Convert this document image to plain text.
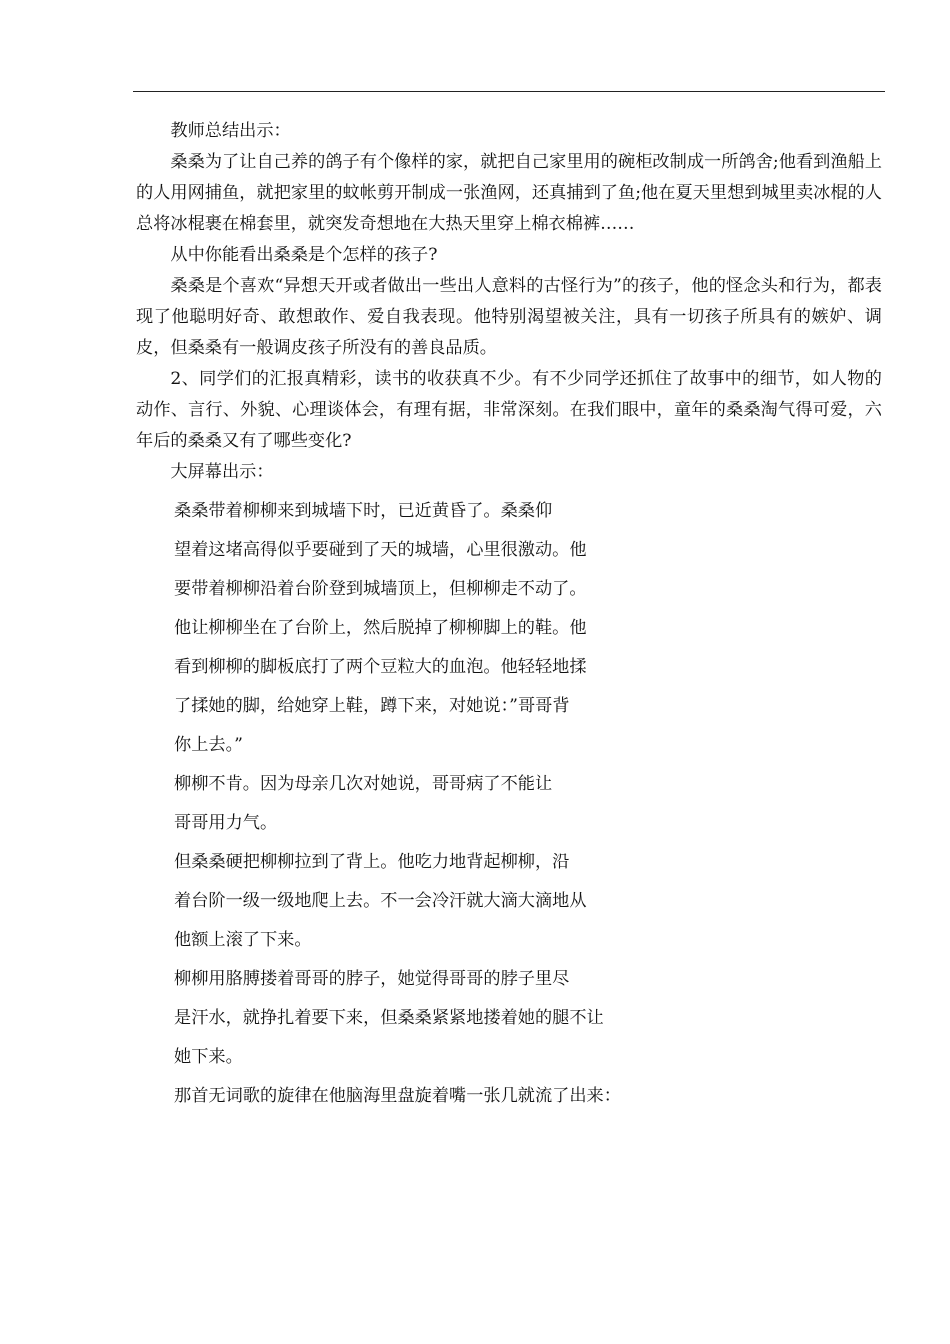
教师总结出示：

桑桑为了让自己养的鸽子有个像样的家，就把自己家里用的碗柜改制成一所鸽舍;他看到渔船上的人用网捕鱼，就把家里的蚊帐剪开制成一张渔网，还真捕到了鱼;他在夏天里想到城里卖冰棍的人总将冰棍裹在棉套里，就突发奇想地在大热天里穿上棉衣棉裤……

从中你能看出桑桑是个怎样的孩子?

桑桑是个喜欢“异想天开或者做出一些出人意料的古怪行为”的孩子，他的怪念头和行为，都表现了他聪明好奇、敢想敢作、爱自我表现。他特别渴望被关注，具有一切孩子所具有的嫉妒、调皮，但桑桑有一般调皮孩子所没有的善良品质。

2、同学们的汇报真精彩，读书的收获真不少。有不少同学还抓住了故事中的细节，如人物的动作、言行、外貌、心理谈体会，有理有据，非常深刻。在我们眼中，童年的桑桑淘气得可爱，六年后的桑桑又有了哪些变化?

大屏幕出示：

桑桑带着柳柳来到城墙下时，已近黄昏了。桑桑仰

望着这堵高得似乎要碰到了天的城墙，心里很激动。他

要带着柳柳沿着台阶登到城墙顶上，但柳柳走不动了。

他让柳柳坐在了台阶上，然后脱掉了柳柳脚上的鞋。他

看到柳柳的脚板底打了两个豆粒大的血泡。他轻轻地揉

了揉她的脚，给她穿上鞋，蹲下来，对她说：”哥哥背

你上去。”

柳柳不肯。因为母亲几次对她说，哥哥病了不能让

哥哥用力气。

但桑桑硬把柳柳拉到了背上。他吃力地背起柳柳，沿

着台阶一级一级地爬上去。不一会冷汗就大滴大滴地从

他额上滚了下来。

柳柳用胳膊搂着哥哥的脖子，她觉得哥哥的脖子里尽

是汗水，就挣扎着要下来，但桑桑紧紧地搂着她的腿不让

她下来。

那首无词歌的旋律在他脑海里盘旋着嘴一张几就流了出来：
